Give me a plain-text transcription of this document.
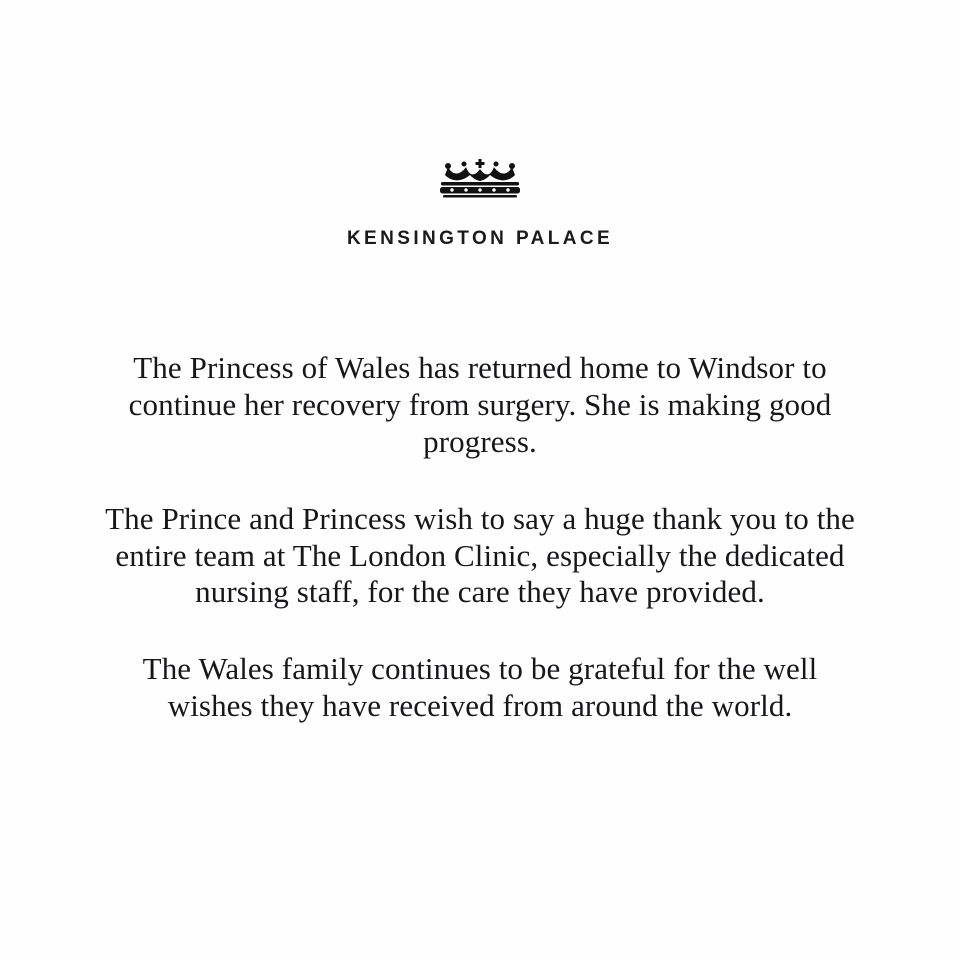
KENSINGTON PALACE

The Princess of Wales has returned home to Windsor to continue her recovery from surgery. She is making good progress.

The Prince and Princess wish to say a huge thank you to the entire team at The London Clinic, especially the dedicated nursing staff, for the care they have provided.

The Wales family continues to be grateful for the well wishes they have received from around the world.
